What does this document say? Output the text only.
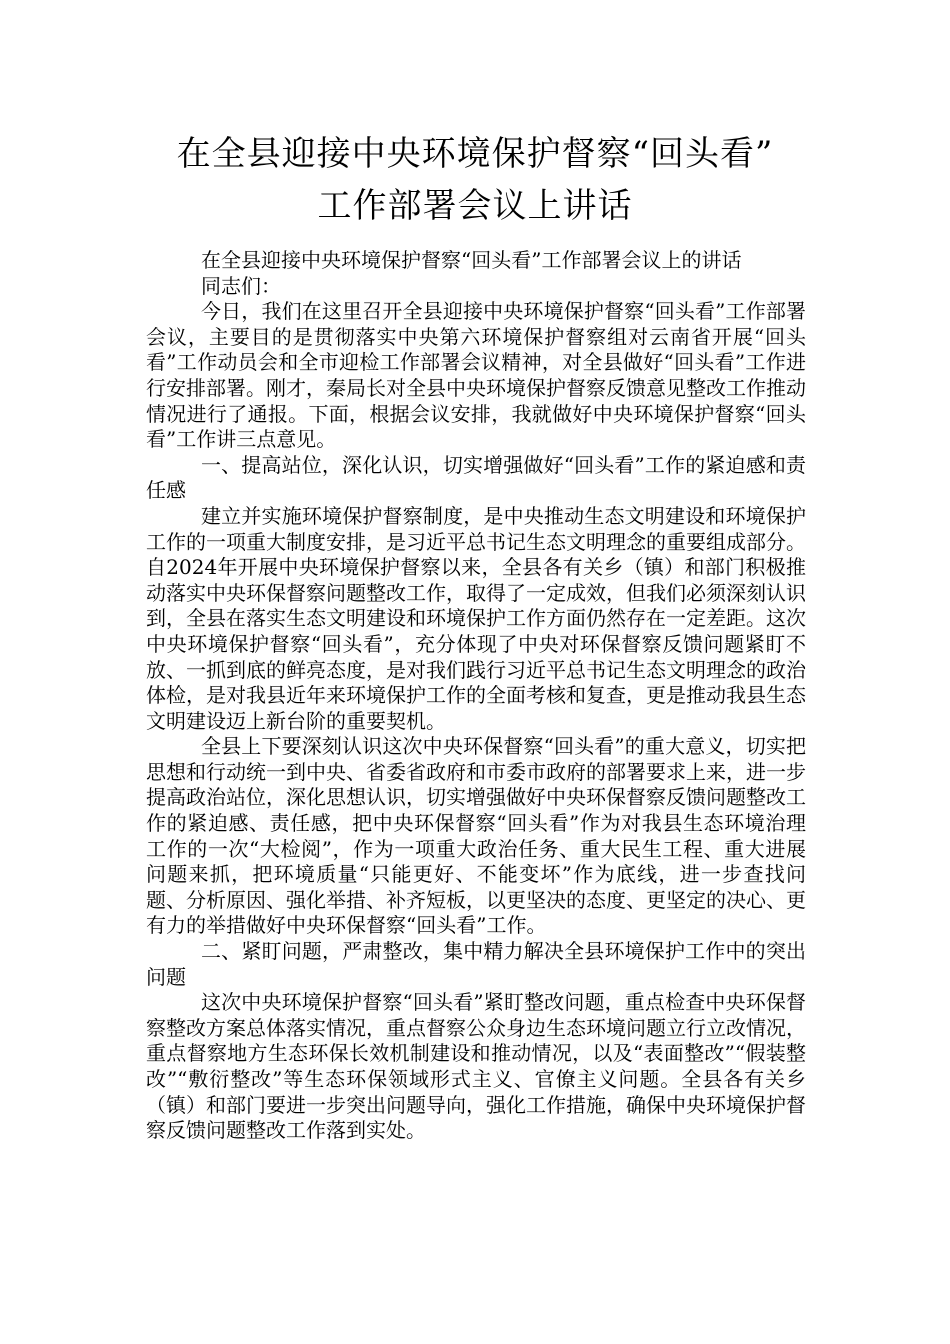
在全县迎接中央环境保护督察“回头看”
工作部署会议上讲话

在全县迎接中央环境保护督察“回头看”工作部署会议上的讲话

同志们：

今日，我们在这里召开全县迎接中央环境保护督察“回头看”工作部署会议，主要目的是贯彻落实中央第六环境保护督察组对云南省开展“回头看”工作动员会和全市迎检工作部署会议精神，对全县做好“回头看”工作进行安排部署。刚才，秦局长对全县中央环境保护督察反馈意见整改工作推动情况进行了通报。下面，根据会议安排，我就做好中央环境保护督察“回头看”工作讲三点意见。

一、提高站位，深化认识，切实增强做好“回头看”工作的紧迫感和责任感

建立并实施环境保护督察制度，是中央推动生态文明建设和环境保护工作的一项重大制度安排，是习近平总书记生态文明理念的重要组成部分。自2024年开展中央环境保护督察以来，全县各有关乡（镇）和部门积极推动落实中央环保督察问题整改工作，取得了一定成效，但我们必须深刻认识到，全县在落实生态文明建设和环境保护工作方面仍然存在一定差距。这次中央环境保护督察“回头看”，充分体现了中央对环保督察反馈问题紧盯不放、一抓到底的鲜亮态度，是对我们践行习近平总书记生态文明理念的政治体检，是对我县近年来环境保护工作的全面考核和复查，更是推动我县生态文明建设迈上新台阶的重要契机。

全县上下要深刻认识这次中央环保督察“回头看”的重大意义，切实把思想和行动统一到中央、省委省政府和市委市政府的部署要求上来，进一步提高政治站位，深化思想认识，切实增强做好中央环保督察反馈问题整改工作的紧迫感、责任感，把中央环保督察“回头看”作为对我县生态环境治理工作的一次“大检阅”，作为一项重大政治任务、重大民生工程、重大进展问题来抓，把环境质量“只能更好、不能变坏”作为底线，进一步查找问题、分析原因、强化举措、补齐短板，以更坚决的态度、更坚定的决心、更有力的举措做好中央环保督察“回头看”工作。

二、紧盯问题，严肃整改，集中精力解决全县环境保护工作中的突出问题

这次中央环境保护督察“回头看”紧盯整改问题，重点检查中央环保督察整改方案总体落实情况，重点督察公众身边生态环境问题立行立改情况，重点督察地方生态环保长效机制建设和推动情况，以及“表面整改”“假装整改”“敷衍整改”等生态环保领域形式主义、官僚主义问题。全县各有关乡（镇）和部门要进一步突出问题导向，强化工作措施，确保中央环境保护督察反馈问题整改工作落到实处。
